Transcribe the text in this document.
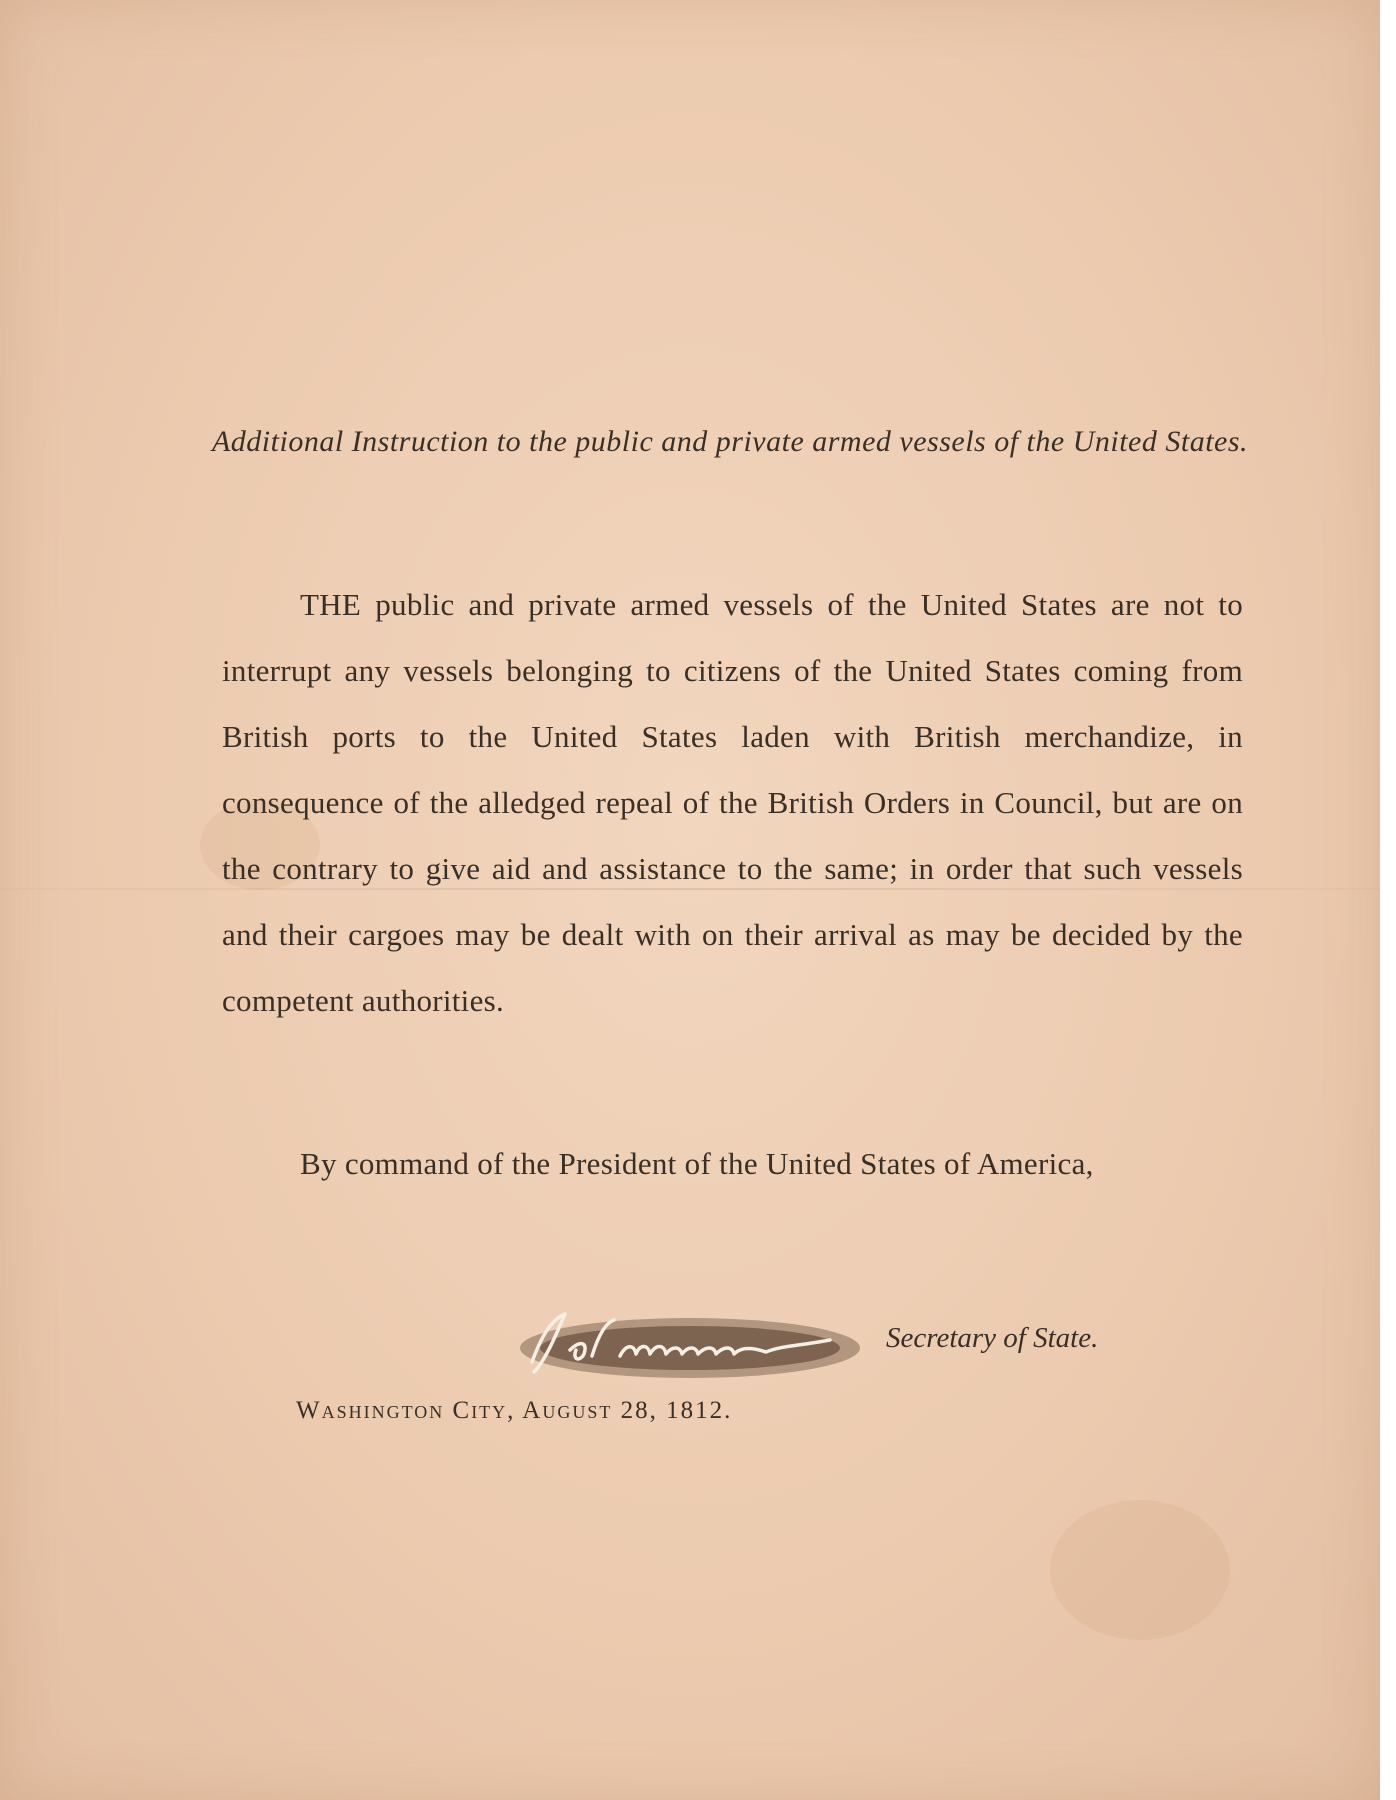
Additional Instruction to the public and private armed vessels of the United States.
THE public and private armed vessels of the United States are not to interrupt any vessels belonging to citizens of the United States coming from British ports to the United States laden with British merchandize, in consequence of the alledged repeal of the British Orders in Council, but are on the contrary to give aid and assistance to the same; in order that such vessels and their cargoes may be dealt with on their arrival as may be decided by the competent authorities.
By command of the President of the United States of America,
Secretary of State.
Washington City, August 28, 1812.
